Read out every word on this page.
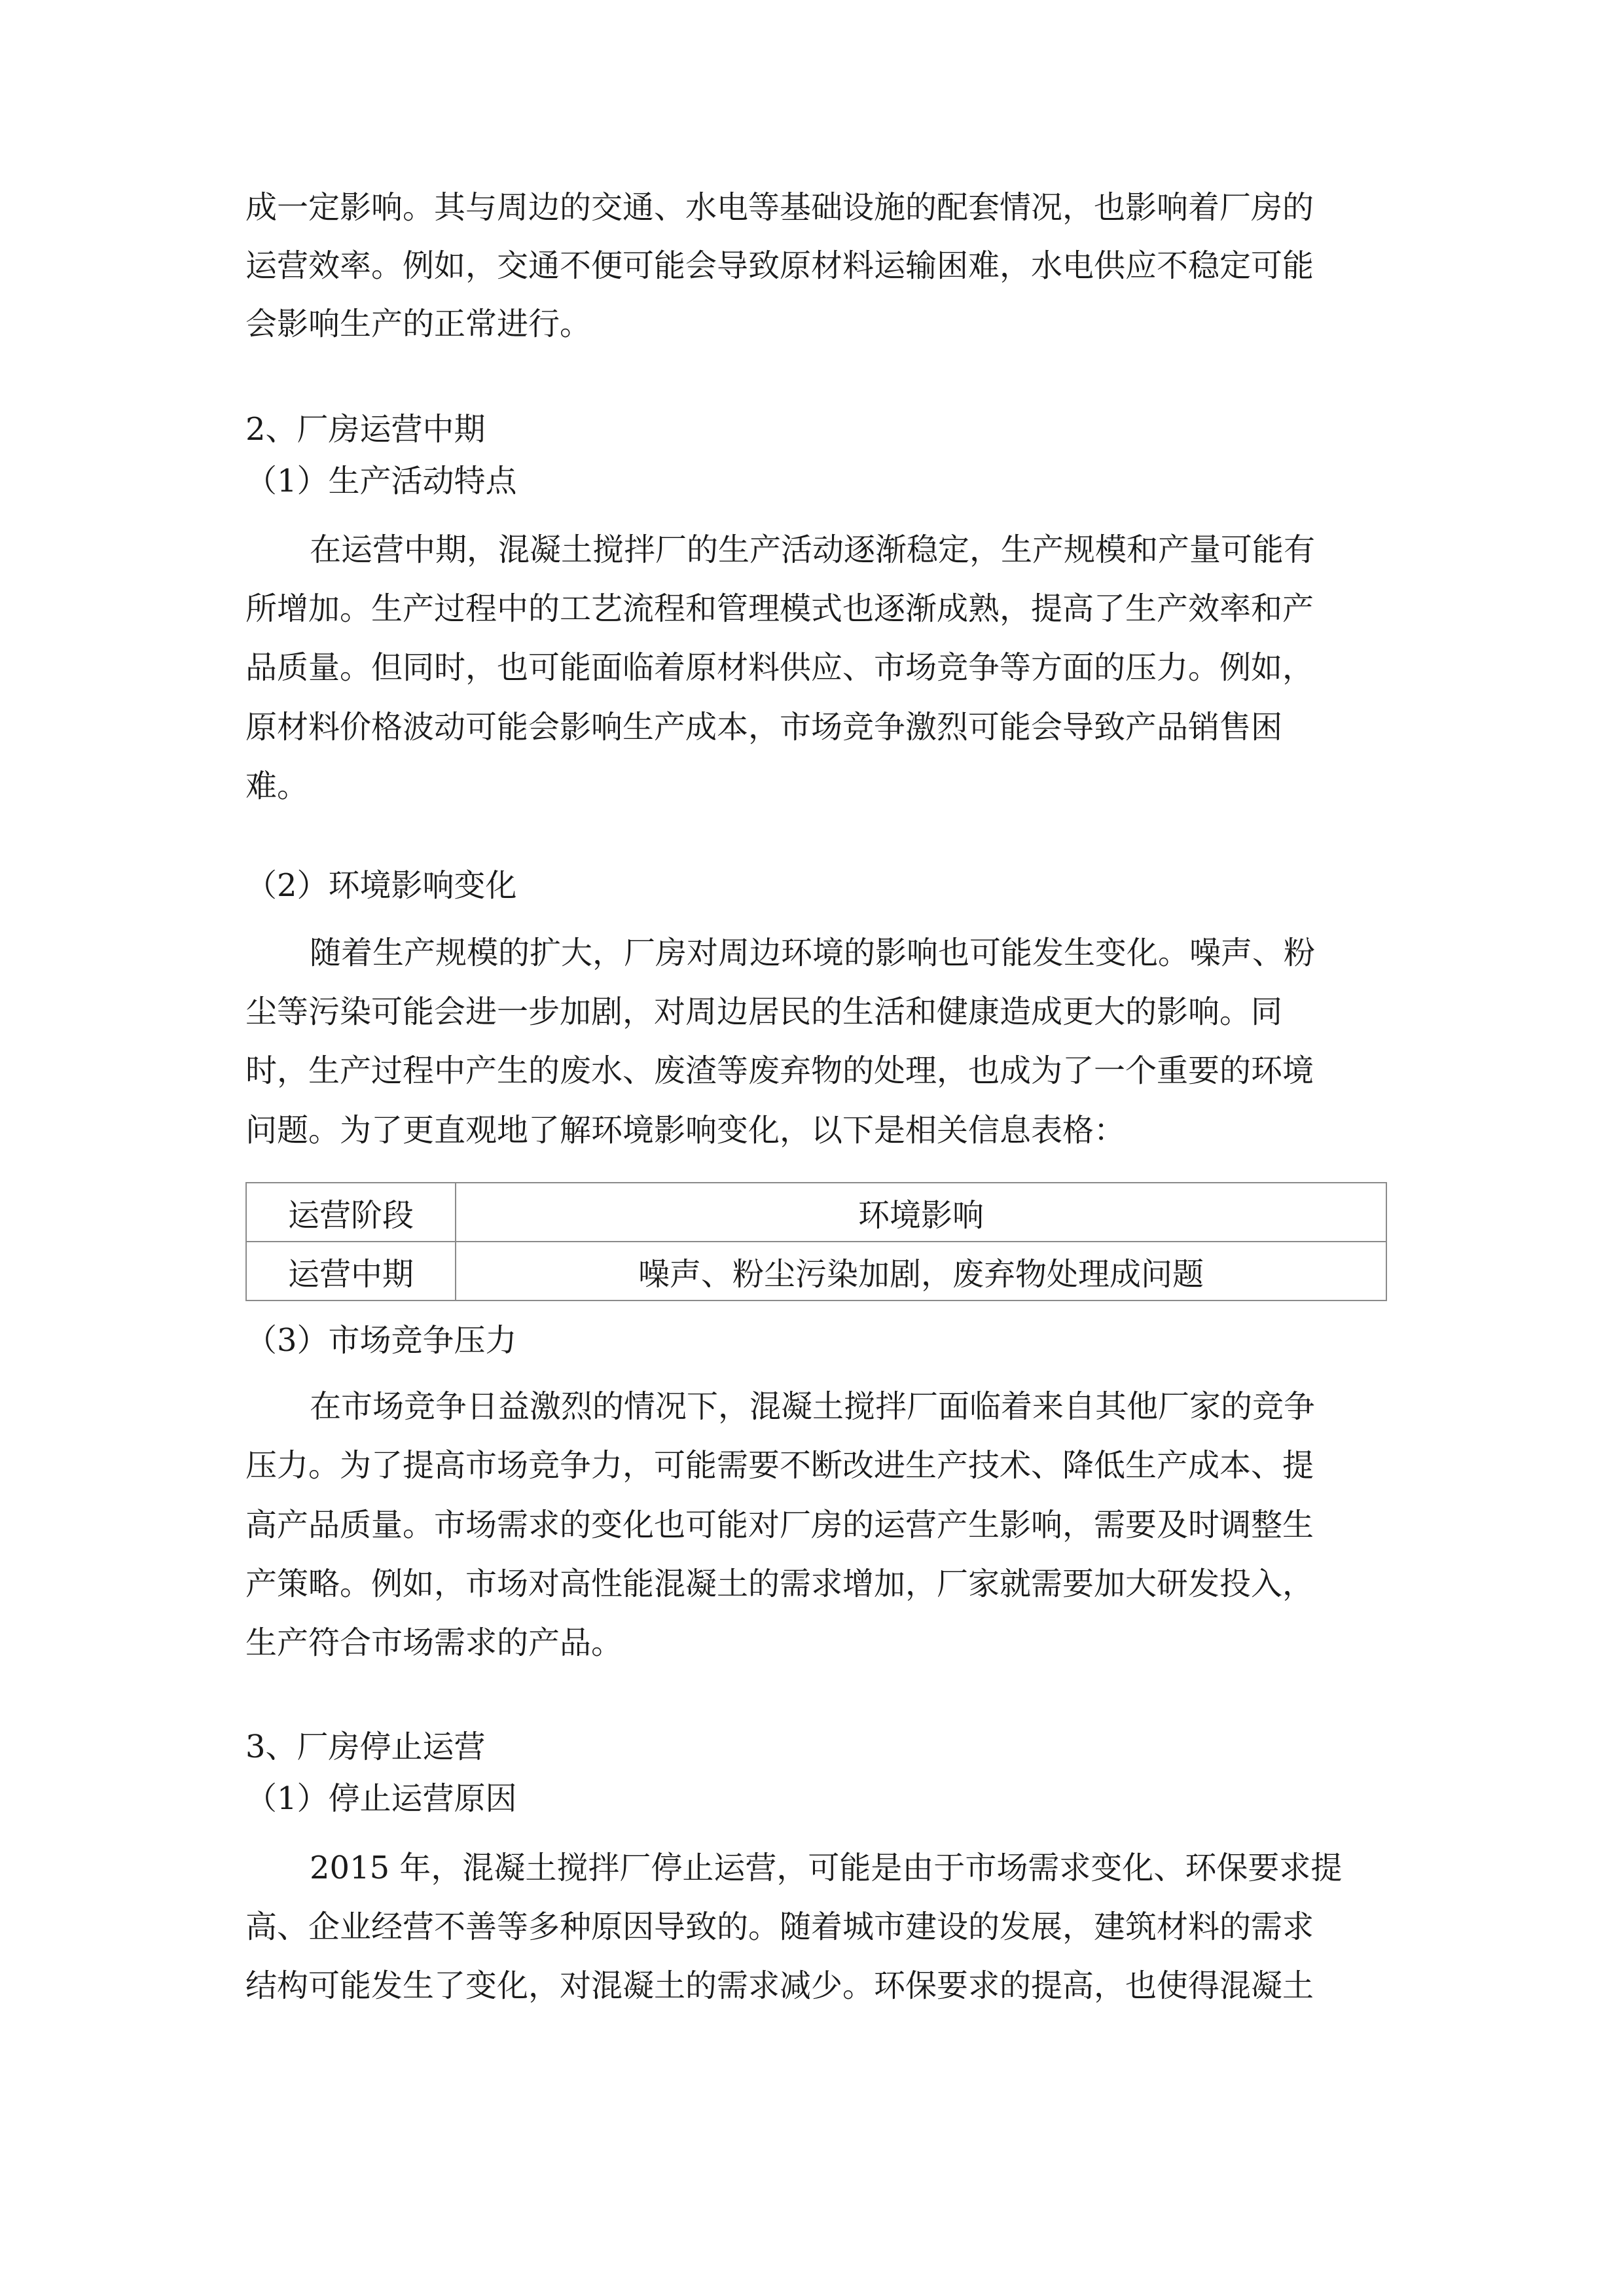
成一定影响。其与周边的交通、水电等基础设施的配套情况，也影响着厂房的
运营效率。例如，交通不便可能会导致原材料运输困难，水电供应不稳定可能
会影响生产的正常进行。
2、厂房运营中期
（1）生产活动特点
在运营中期，混凝土搅拌厂的生产活动逐渐稳定，生产规模和产量可能有
所增加。生产过程中的工艺流程和管理模式也逐渐成熟，提高了生产效率和产
品质量。但同时，也可能面临着原材料供应、市场竞争等方面的压力。例如，
原材料价格波动可能会影响生产成本，市场竞争激烈可能会导致产品销售困
难。
（2）环境影响变化
随着生产规模的扩大，厂房对周边环境的影响也可能发生变化。噪声、粉
尘等污染可能会进一步加剧，对周边居民的生活和健康造成更大的影响。同
时，生产过程中产生的废水、废渣等废弃物的处理，也成为了一个重要的环境
问题。为了更直观地了解环境影响变化，以下是相关信息表格：
运营阶段	环境影响
运营中期	噪声、粉尘污染加剧，废弃物处理成问题
（3）市场竞争压力
在市场竞争日益激烈的情况下，混凝土搅拌厂面临着来自其他厂家的竞争
压力。为了提高市场竞争力，可能需要不断改进生产技术、降低生产成本、提
高产品质量。市场需求的变化也可能对厂房的运营产生影响，需要及时调整生
产策略。例如，市场对高性能混凝土的需求增加，厂家就需要加大研发投入，
生产符合市场需求的产品。
3、厂房停止运营
（1）停止运营原因
2015 年，混凝土搅拌厂停止运营，可能是由于市场需求变化、环保要求提
高、企业经营不善等多种原因导致的。随着城市建设的发展，建筑材料的需求
结构可能发生了变化，对混凝土的需求减少。环保要求的提高，也使得混凝土
